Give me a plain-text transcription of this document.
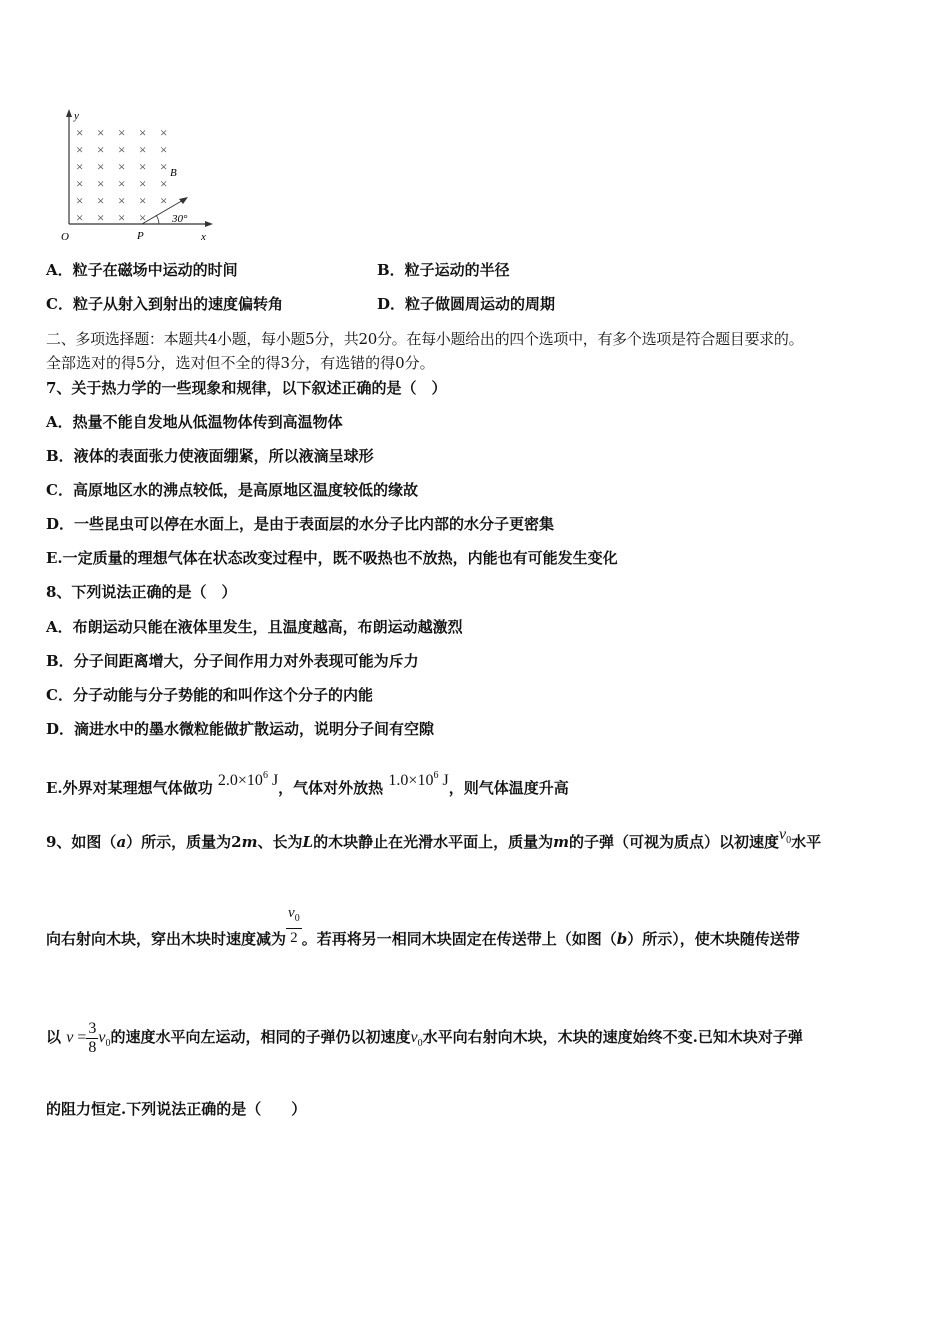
y
x
O	P
B
30°
× × × × ×
× × × × ×
× × × × ×
× × × × ×
× × × × ×
× × × ×
A．粒子在磁场中运动的时间	B．粒子运动的半径
C．粒子从射入到射出的速度偏转角	D．粒子做圆周运动的周期
二、多项选择题：本题共4小题，每小题5分，共20分。在每小题给出的四个选项中，有多个选项是符合题目要求的。
全部选对的得5分，选对但不全的得3分，有选错的得0分。
7、关于热力学的一些现象和规律，以下叙述正确的是（　）
A．热量不能自发地从低温物体传到高温物体
B．液体的表面张力使液面绷紧，所以液滴呈球形
C．高原地区水的沸点较低，是高原地区温度较低的缘故
D．一些昆虫可以停在水面上，是由于表面层的水分子比内部的水分子更密集
E.一定质量的理想气体在状态改变过程中，既不吸热也不放热，内能也有可能发生变化
8、下列说法正确的是（　）
A．布朗运动只能在液体里发生，且温度越高，布朗运动越激烈
B．分子间距离增大，分子间作用力对外表现可能为斥力
C．分子动能与分子势能的和叫作这个分子的内能
D．滴进水中的墨水微粒能做扩散运动，说明分子间有空隙
E.外界对某理想气体做功 $2.0\times 10^6$ J，气体对外放热 $1.0\times 10^6$ J，则气体温度升高
9、如图（a）所示，质量为2m、长为L的木块静止在光滑水平面上，质量为m的子弹（可视为质点）以初速度$v_0$水平
向右射向木块，穿出木块时速度减为 $\frac{v_0}{2}$ 。若再将另一相同木块固定在传送带上（如图（b）所示），使木块随传送带
以 $v = \frac{3}{8} v_0$的速度水平向左运动，相同的子弹仍以初速度$v_0$水平向右射向木块，木块的速度始终不变.已知木块对子弹
的阻力恒定.下列说法正确的是（　　）
